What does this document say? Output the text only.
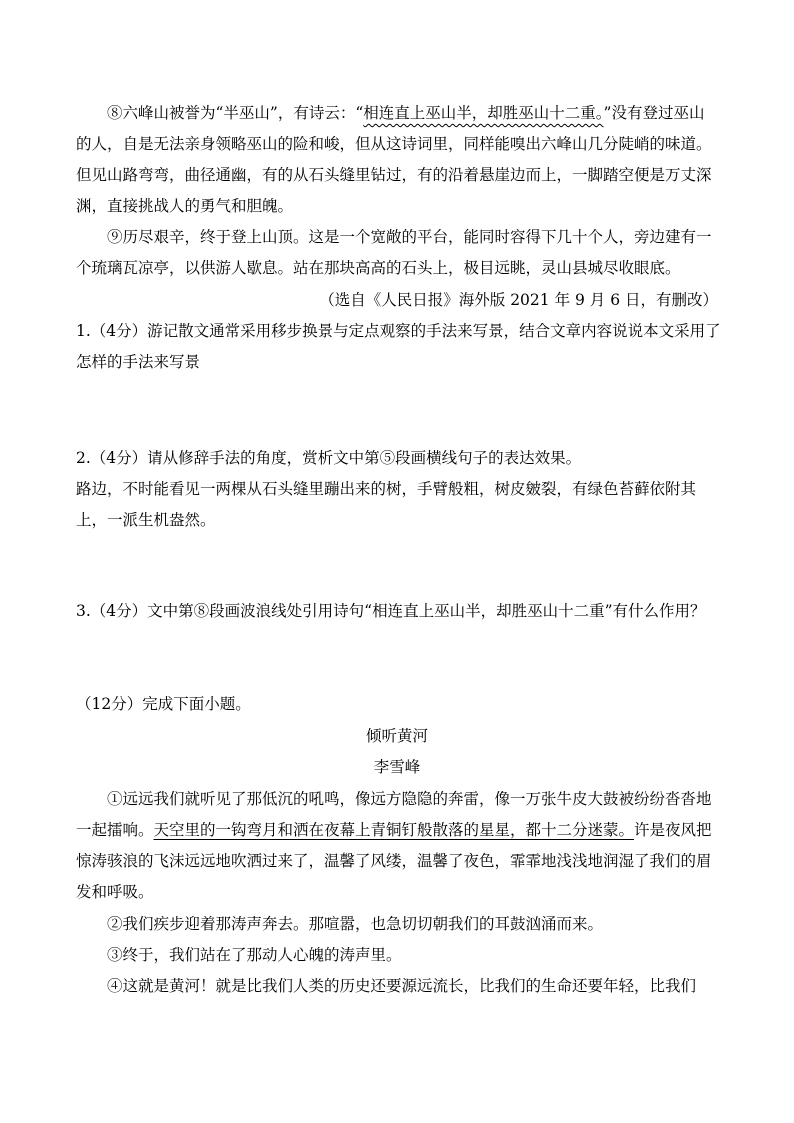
⑧六峰山被誉为“半巫山”，有诗云：“相连直上巫山半，却胜巫山十二重。”没有登过巫山的人，自是无法亲身领略巫山的险和峻，但从这诗词里，同样能嗅出六峰山几分陡峭的味道。但见山路弯弯，曲径通幽，有的从石头缝里钻过，有的沿着悬崖边而上，一脚踏空便是万丈深渊，直接挑战人的勇气和胆魄。

⑨历尽艰辛，终于登上山顶。这是一个宽敞的平台，能同时容得下几十个人，旁边建有一个琉璃瓦凉亭，以供游人歇息。站在那块高高的石头上，极目远眺，灵山县城尽收眼底。

（选自《人民日报》海外版 2021 年 9 月 6 日，有删改）

1.（4分）游记散文通常采用移步换景与定点观察的手法来写景，结合文章内容说说本文采用了怎样的手法来写景

2.（4分）请从修辞手法的角度，赏析文中第⑤段画横线句子的表达效果。

路边，不时能看见一两棵从石头缝里蹦出来的树，手臂般粗，树皮皴裂，有绿色苔藓依附其上，一派生机盎然。

3.（4分）文中第⑧段画波浪线处引用诗句“相连直上巫山半，却胜巫山十二重”有什么作用？

（12分）完成下面小题。

倾听黄河
李雪峰

①远远我们就听见了那低沉的吼鸣，像远方隐隐的奔雷，像一万张牛皮大鼓被纷纷沓沓地一起擂响。天空里的一钩弯月和洒在夜幕上青铜钉般散落的星星，都十二分迷蒙。许是夜风把惊涛骇浪的飞沫远远地吹洒过来了，温馨了风缕，温馨了夜色，霏霏地浅浅地润湿了我们的眉发和呼吸。

②我们疾步迎着那涛声奔去。那喧嚣，也急切切朝我们的耳鼓汹涌而来。

③终于，我们站在了那动人心魄的涛声里。

④这就是黄河！就是比我们人类的历史还要源远流长，比我们的生命还要年轻，比我们
